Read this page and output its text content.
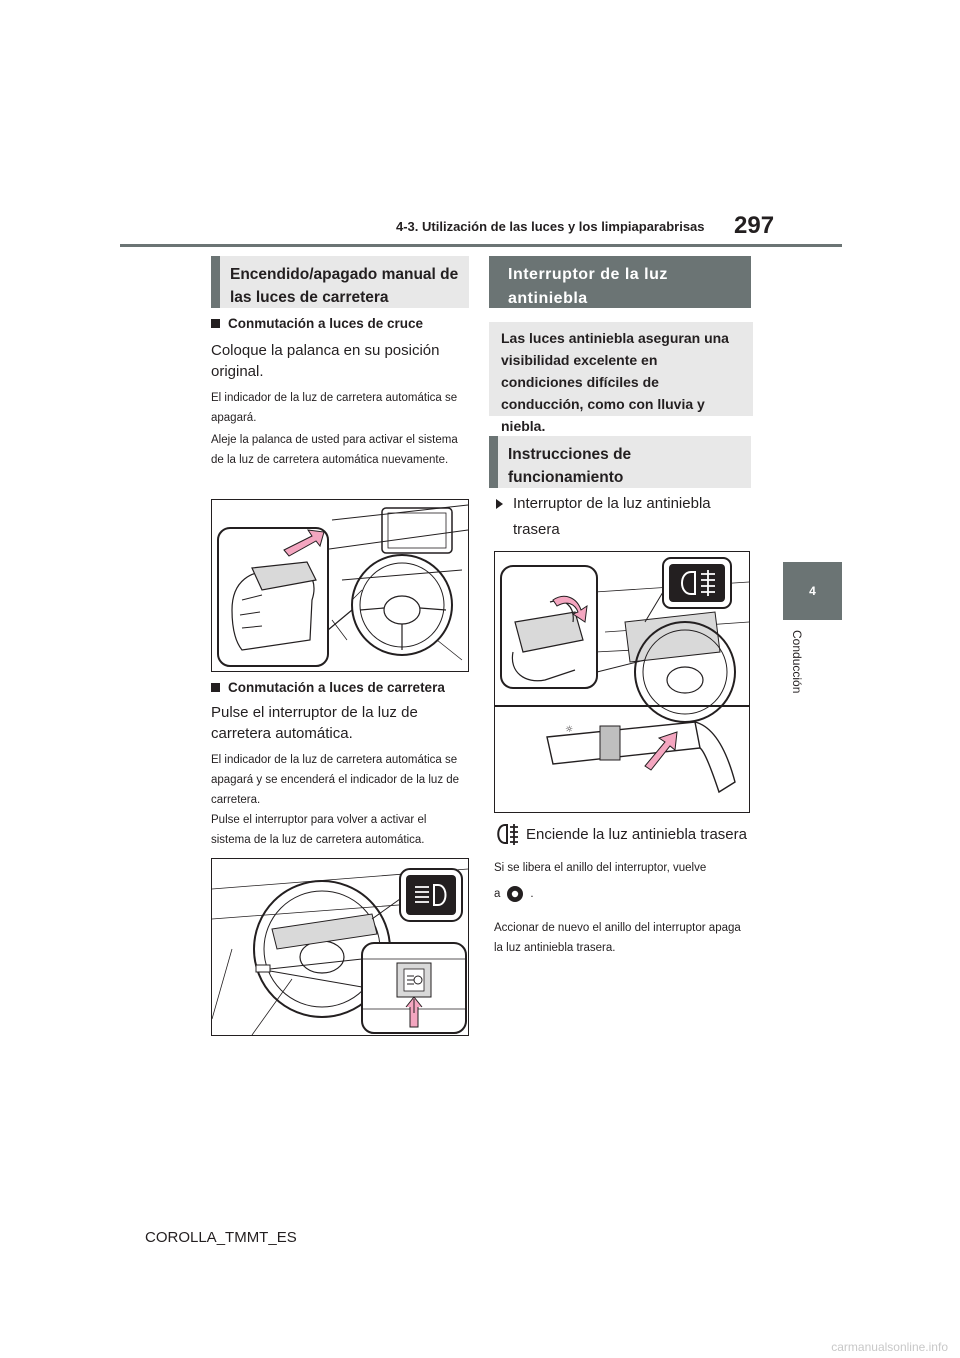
4-3. Utilización de las luces y los limpiaparabrisas 297
4
Conducción
Encendido/apagado manual de las luces de carretera
Conmutación a luces de cruce
Coloque la palanca en su posición original.
El indicador de la luz de carretera automática se apagará.
Aleje la palanca de usted para activar el sistema de la luz de carretera automática nuevamente.
Conmutación a luces de carretera
Pulse el interruptor de la luz de carretera automática.
El indicador de la luz de carretera automática se apagará y se encenderá el indicador de la luz de carretera.
Pulse el interruptor para volver a activar el sistema de la luz de carretera automática.
Interruptor de la luz antiniebla
Las luces antiniebla aseguran una visibilidad excelente en condiciones difíciles de conducción, como con lluvia y niebla.
Instrucciones de funcionamiento
Interruptor de la luz antiniebla trasera
☼
Enciende la luz antiniebla trasera
Si se libera el anillo del interruptor, vuelve
a	.
Accionar de nuevo el anillo del interruptor apaga la luz antiniebla trasera.
COROLLA_TMMT_ES
carmanualsonline.info
